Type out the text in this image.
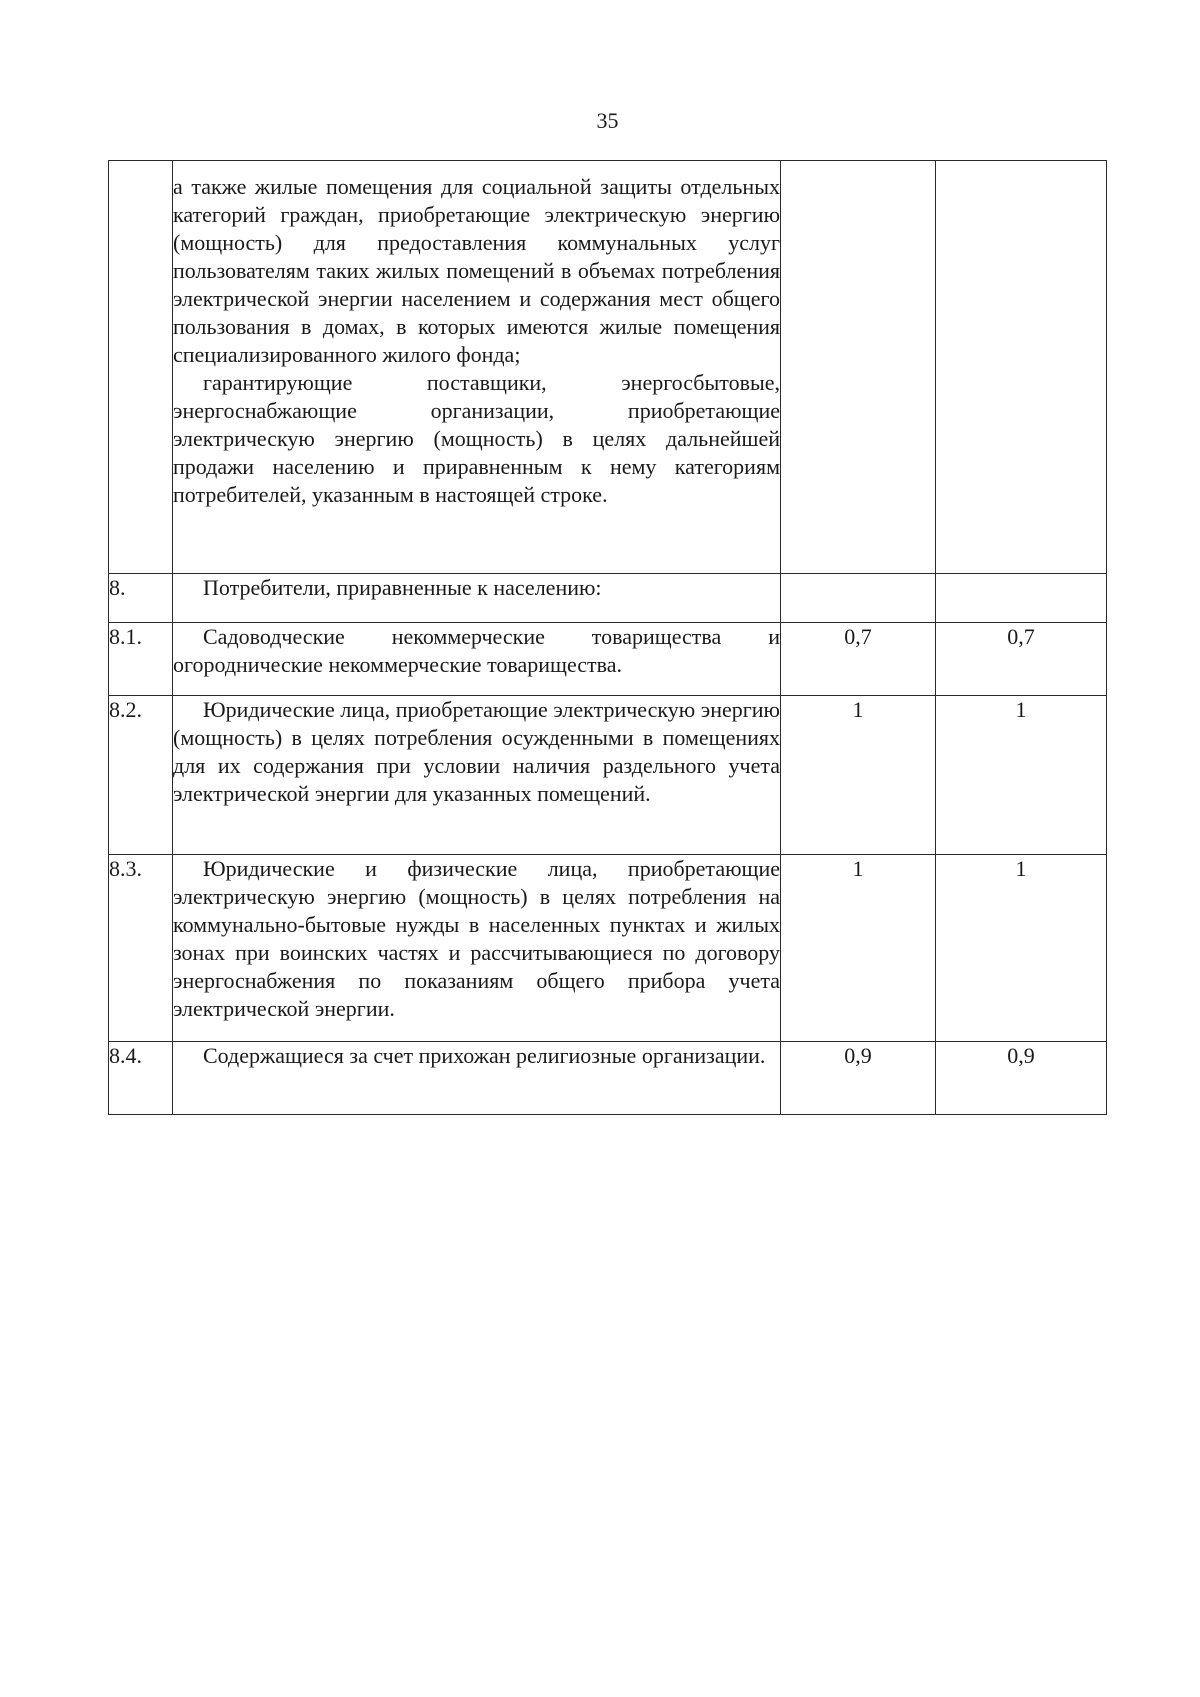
35

	а также жилые помещения для социальной защиты отдельных категорий граждан, приобретающие электрическую энергию (мощность) для предоставления коммунальных услуг пользователям таких жилых помещений в объемах потребления электрической энергии населением и содержания мест общего пользования в домах, в которых имеются жилые помещения специализированного жилого фонда;
гарантирующие поставщики, энергосбытовые, энергоснабжающие организации, приобретающие электрическую энергию (мощность) в целях дальнейшей продажи населению и приравненным к нему категориям потребителей, указанным в настоящей строке.		

8.	Потребители, приравненные к населению:		

8.1.	Садоводческие некоммерческие товарищества и огороднические некоммерческие товарищества.	0,7	0,7
8.2.	Юридические лица, приобретающие электрическую энергию (мощность) в целях потребления осужденными в помещениях для их содержания при условии наличия раздельного учета электрической энергии для указанных помещений.	1	1
8.3.	Юридические и физические лица, приобретающие электрическую энергию (мощность) в целях потребления на коммунально-бытовые нужды в населенных пунктах и жилых зонах при воинских частях и рассчитывающиеся по договору энергоснабжения по показаниям общего прибора учета электрической энергии.	1	1
8.4.	Содержащиеся за счет прихожан религиозные организации.	0,9	0,9
